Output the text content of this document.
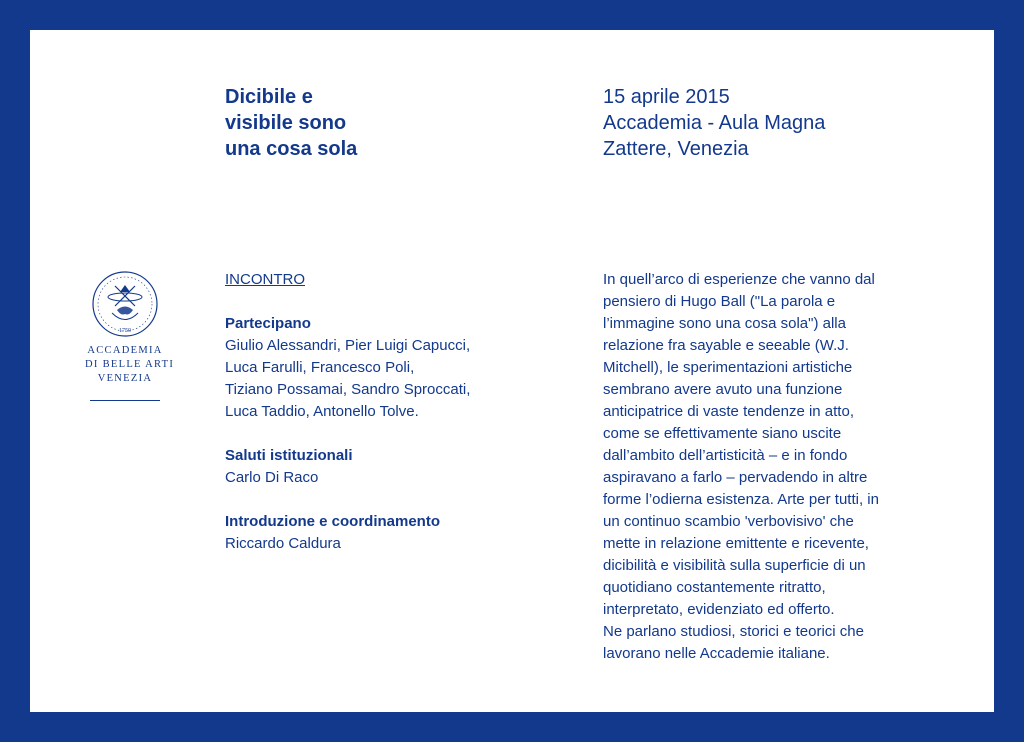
Dicibile e
visibile sono
una cosa sola
15 aprile 2015
Accademia - Aula Magna
Zattere, Venezia
1750
ACCADEMIA
DI BELLE ARTI
VENEZIA
INCONTRO
Partecipano
Giulio Alessandri, Pier Luigi Capucci,
Luca Farulli, Francesco Poli,
Tiziano Possamai, Sandro Sproccati,
Luca Taddio, Antonello Tolve.
Saluti istituzionali
Carlo Di Raco
Introduzione e coordinamento
Riccardo Caldura
In quell’arco di esperienze che vanno dal
pensiero di Hugo Ball ("La parola e
l’immagine sono una cosa sola") alla
relazione fra sayable e seeable (W.J.
Mitchell), le sperimentazioni artistiche
sembrano avere avuto una funzione
anticipatrice di vaste tendenze in atto,
come se effettivamente siano uscite
dall’ambito dell’artisticità – e in fondo
aspiravano a farlo – pervadendo in altre
forme l’odierna esistenza. Arte per tutti, in
un continuo scambio 'verbovisivo' che
mette in relazione emittente e ricevente,
dicibilità e visibilità sulla superficie di un
quotidiano costantemente ritratto,
interpretato, evidenziato ed offerto.
Ne parlano studiosi, storici e teorici che
lavorano nelle Accademie italiane.
